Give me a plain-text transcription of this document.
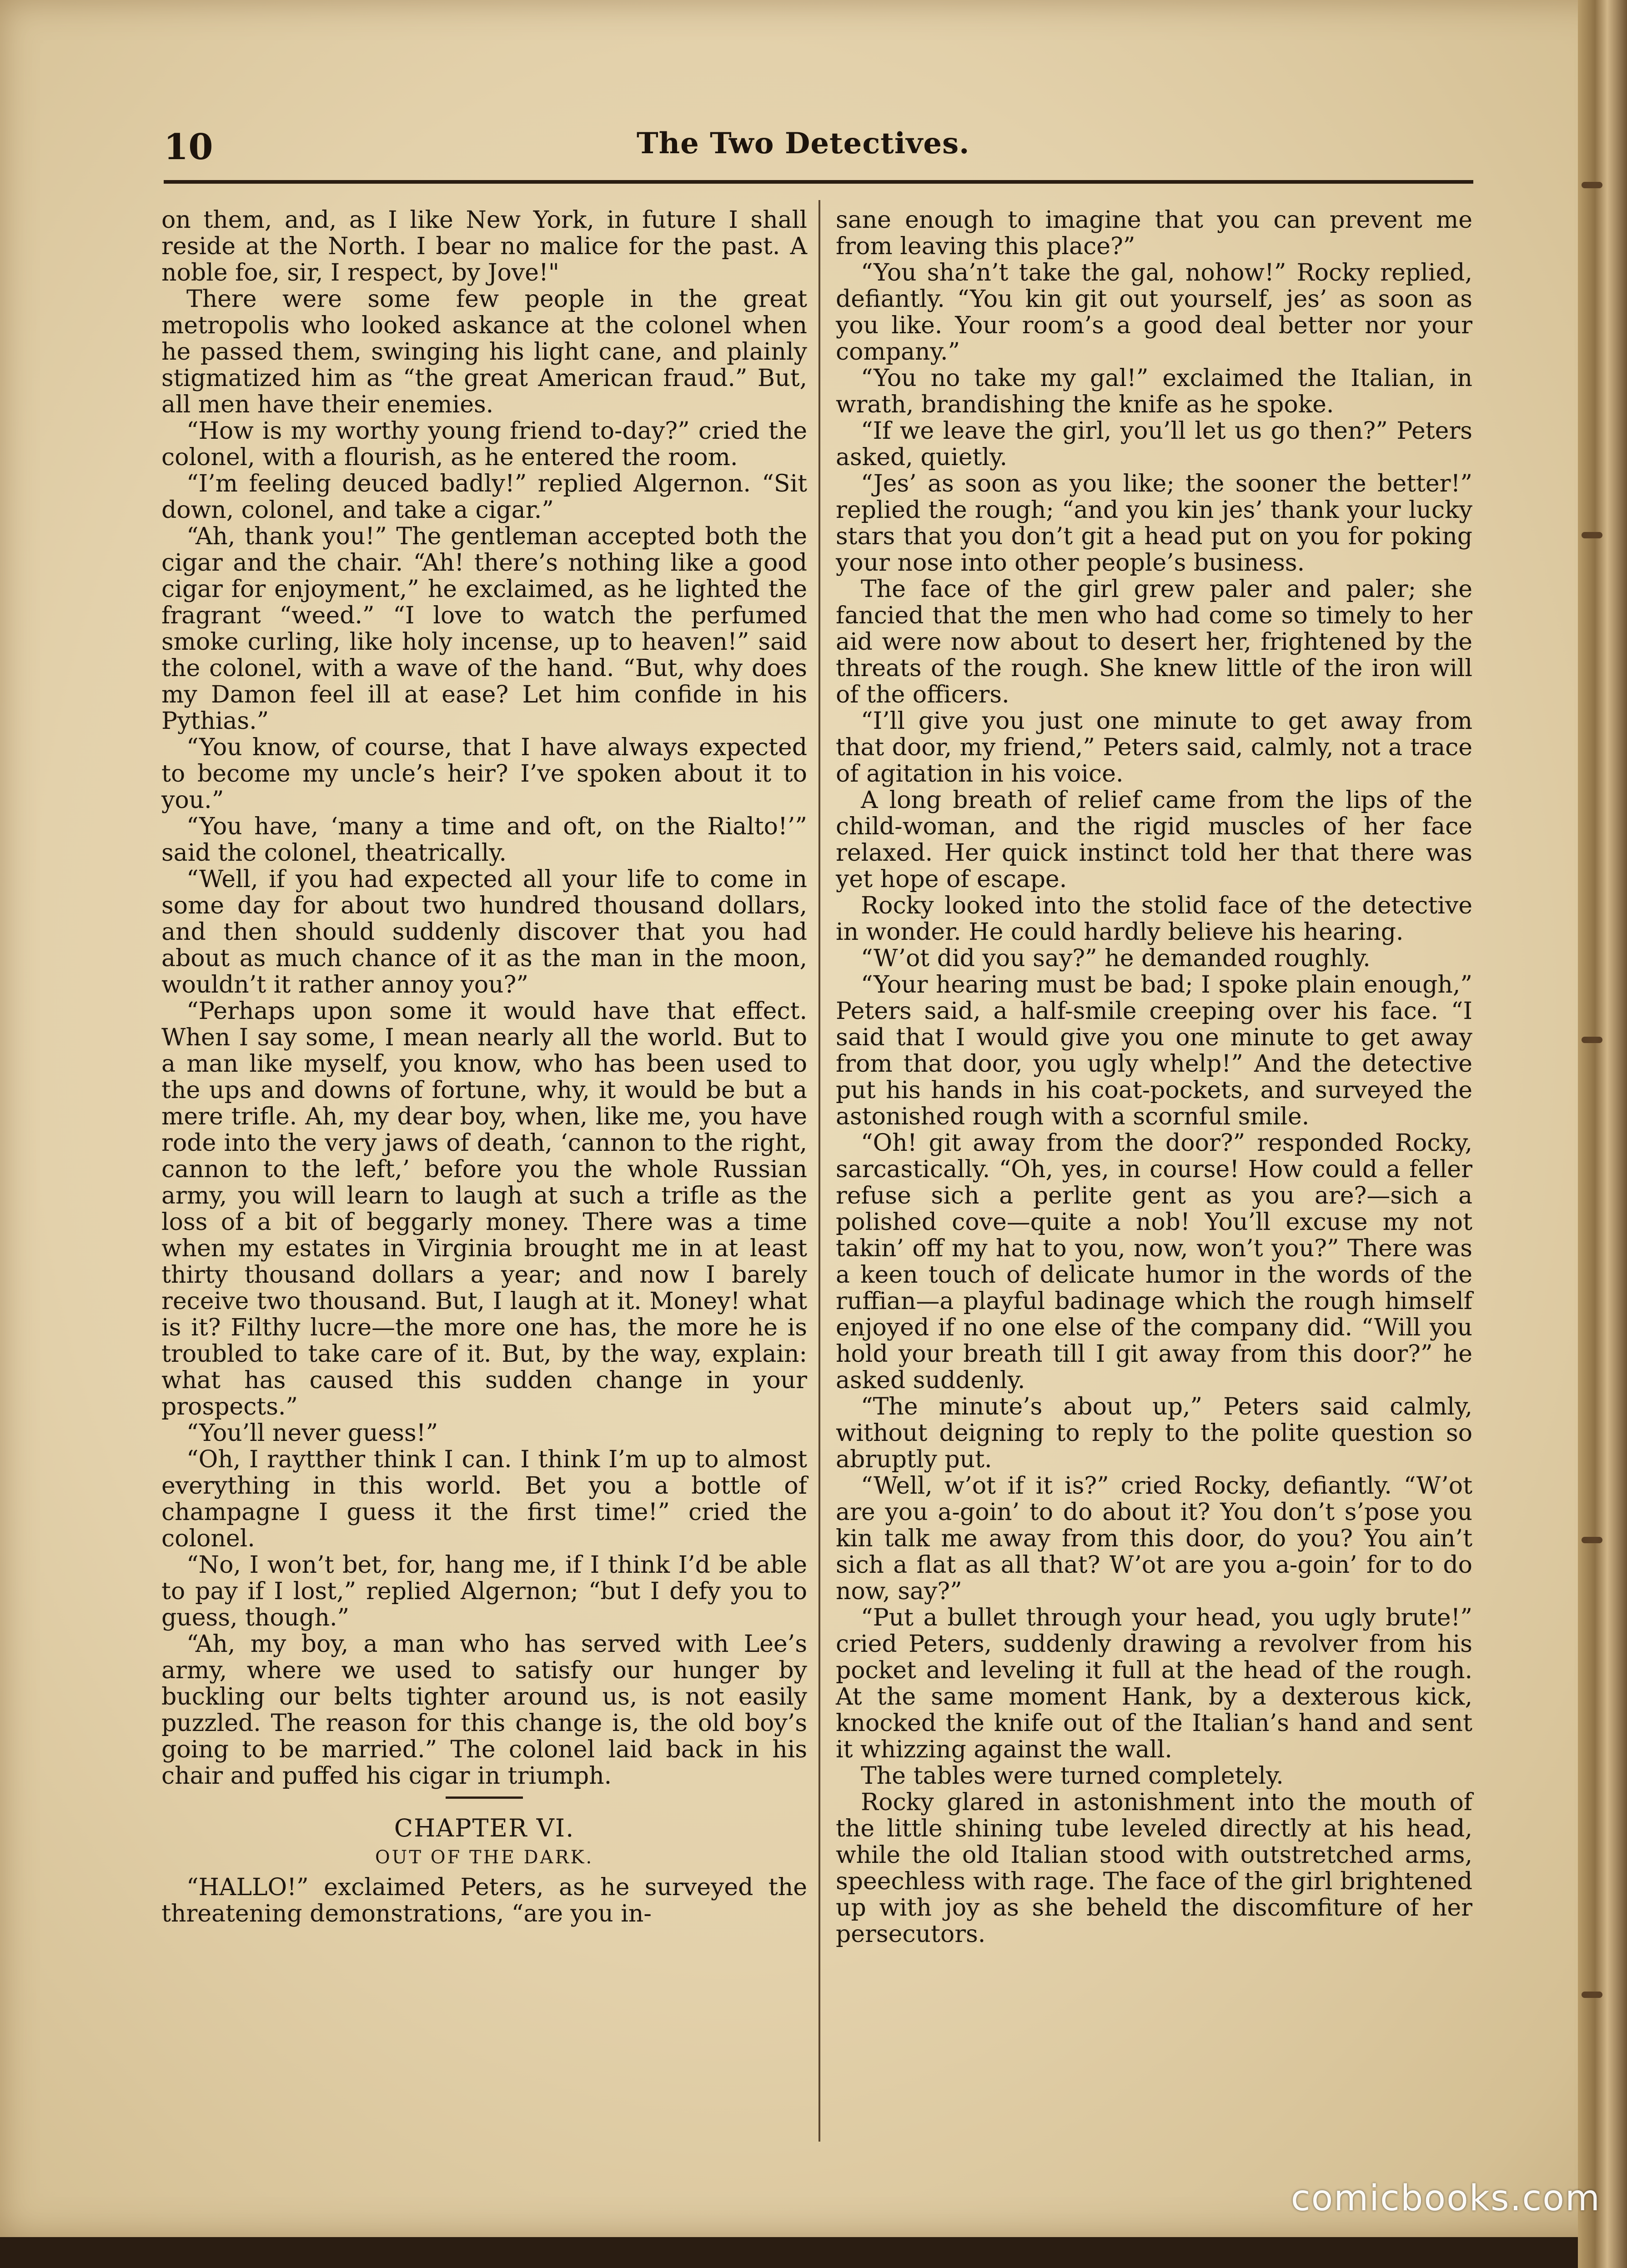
10	The Two Detectives.

on them, and, as I like New York, in future I shall reside at the North. I bear no malice for the past. A noble foe, sir, I respect, by Jove!"

There were some few people in the great metropolis who looked askance at the colonel when he passed them, swinging his light cane, and plainly stigmatized him as “the great American fraud.” But, all men have their enemies.

“How is my worthy young friend to-day?” cried the colonel, with a flourish, as he entered the room.

“I’m feeling deuced badly!” replied Algernon. “Sit down, colonel, and take a cigar.”

“Ah, thank you!” The gentleman accepted both the cigar and the chair. “Ah! there’s nothing like a good cigar for enjoyment,” he exclaimed, as he lighted the fragrant “weed.” “I love to watch the perfumed smoke curling, like holy incense, up to heaven!” said the colonel, with a wave of the hand. “But, why does my Damon feel ill at ease? Let him confide in his Pythias.”

“You know, of course, that I have always expected to become my uncle’s heir? I’ve spoken about it to you.”

“You have, ‘many a time and oft, on the Rialto!’” said the colonel, theatrically.

“Well, if you had expected all your life to come in some day for about two hundred thousand dollars, and then should suddenly discover that you had about as much chance of it as the man in the moon, wouldn’t it rather annoy you?”

“Perhaps upon some it would have that effect. When I say some, I mean nearly all the world. But to a man like myself, you know, who has been used to the ups and downs of fortune, why, it would be but a mere trifle. Ah, my dear boy, when, like me, you have rode into the very jaws of death, ‘cannon to the right, cannon to the left,’ before you the whole Russian army, you will learn to laugh at such a trifle as the loss of a bit of beggarly money. There was a time when my estates in Virginia brought me in at least thirty thousand dollars a year; and now I barely receive two thousand. But, I laugh at it. Money! what is it? Filthy lucre—the more one has, the more he is troubled to take care of it. But, by the way, explain: what has caused this sudden change in your prospects.”

“You’ll never guess!”

“Oh, I raytther think I can. I think I’m up to almost everything in this world. Bet you a bottle of champagne I guess it the first time!” cried the colonel.

“No, I won’t bet, for, hang me, if I think I’d be able to pay if I lost,” replied Algernon; “but I defy you to guess, though.”

“Ah, my boy, a man who has served with Lee’s army, where we used to satisfy our hunger by buckling our belts tighter around us, is not easily puzzled. The reason for this change is, the old boy’s going to be married.” The colonel laid back in his chair and puffed his cigar in triumph.

CHAPTER VI.
OUT OF THE DARK.

“HALLO!” exclaimed Peters, as he surveyed the threatening demonstrations, “are you in-

sane enough to imagine that you can prevent me from leaving this place?”

“You sha’n’t take the gal, nohow!” Rocky replied, defiantly. “You kin git out yourself, jes’ as soon as you like. Your room’s a good deal better nor your company.”

“You no take my gal!” exclaimed the Italian, in wrath, brandishing the knife as he spoke.

“If we leave the girl, you’ll let us go then?” Peters asked, quietly.

“Jes’ as soon as you like; the sooner the better!” replied the rough; “and you kin jes’ thank your lucky stars that you don’t git a head put on you for poking your nose into other people’s business.

The face of the girl grew paler and paler; she fancied that the men who had come so timely to her aid were now about to desert her, frightened by the threats of the rough. She knew little of the iron will of the officers.

“I’ll give you just one minute to get away from that door, my friend,” Peters said, calmly, not a trace of agitation in his voice.

A long breath of relief came from the lips of the child-woman, and the rigid muscles of her face relaxed. Her quick instinct told her that there was yet hope of escape.

Rocky looked into the stolid face of the detective in wonder. He could hardly believe his hearing.

“W’ot did you say?” he demanded roughly.

“Your hearing must be bad; I spoke plain enough,” Peters said, a half-smile creeping over his face. “I said that I would give you one minute to get away from that door, you ugly whelp!” And the detective put his hands in his coat-pockets, and surveyed the astonished rough with a scornful smile.

“Oh! git away from the door?” responded Rocky, sarcastically. “Oh, yes, in course! How could a feller refuse sich a perlite gent as you are?—sich a polished cove—quite a nob! You’ll excuse my not takin’ off my hat to you, now, won’t you?” There was a keen touch of delicate humor in the words of the ruffian—a playful badinage which the rough himself enjoyed if no one else of the company did. “Will you hold your breath till I git away from this door?” he asked suddenly.

“The minute’s about up,” Peters said calmly, without deigning to reply to the polite question so abruptly put.

“Well, w’ot if it is?” cried Rocky, defiantly. “W’ot are you a-goin’ to do about it? You don’t s’pose you kin talk me away from this door, do you? You ain’t sich a flat as all that? W’ot are you a-goin’ for to do now, say?”

“Put a bullet through your head, you ugly brute!” cried Peters, suddenly drawing a revolver from his pocket and leveling it full at the head of the rough. At the same moment Hank, by a dexterous kick, knocked the knife out of the Italian’s hand and sent it whizzing against the wall.

The tables were turned completely.

Rocky glared in astonishment into the mouth of the little shining tube leveled directly at his head, while the old Italian stood with outstretched arms, speechless with rage. The face of the girl brightened up with joy as she beheld the discomfiture of her persecutors.

comicbooks.com
